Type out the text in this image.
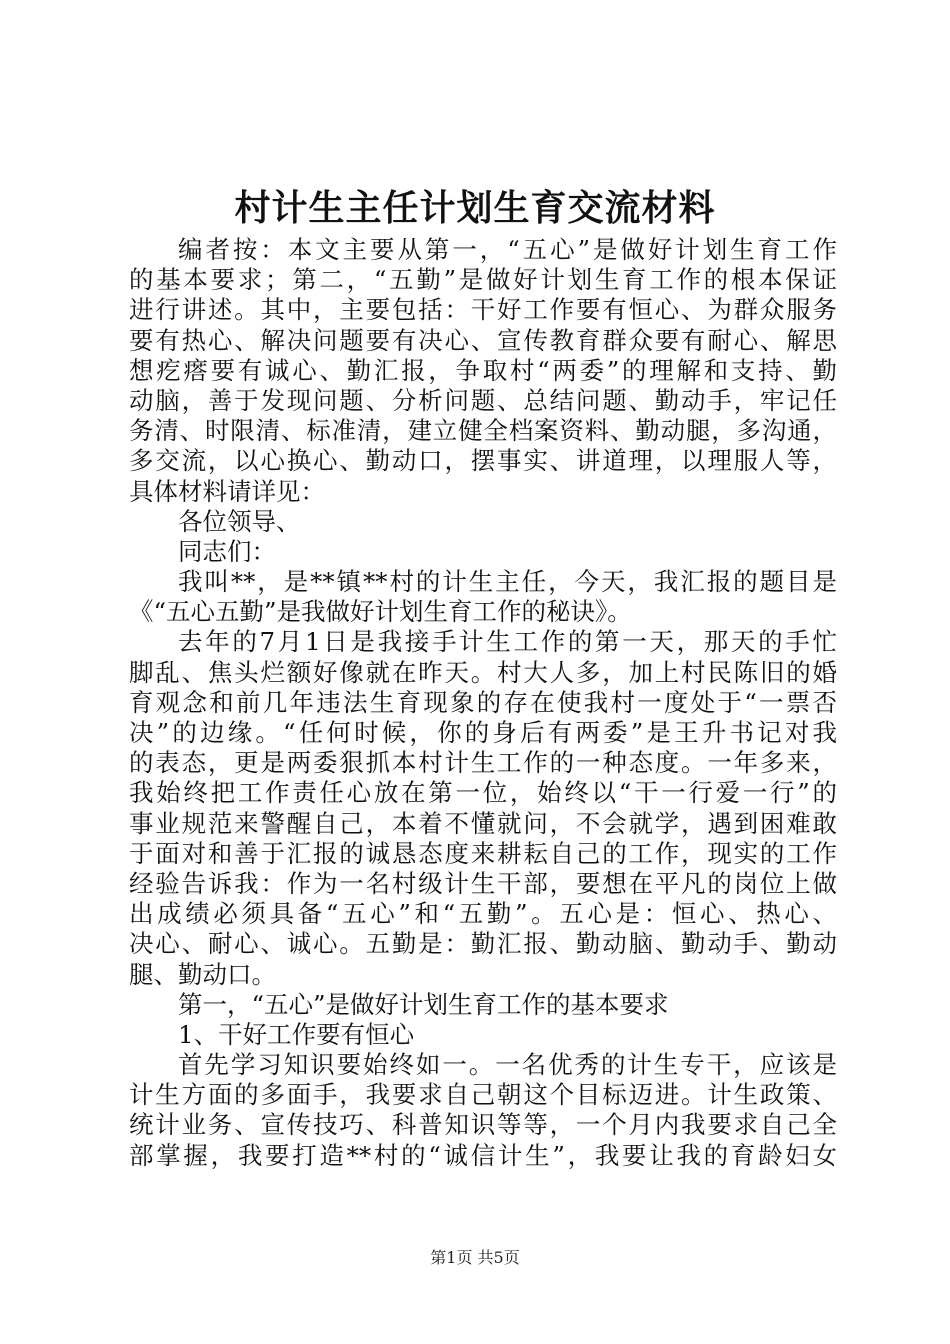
村计生主任计划生育交流材料
编者按：本文主要从第一，“五心”是做好计划生育工作
的基本要求；第二，“五勤”是做好计划生育工作的根本保证
进行讲述。其中，主要包括：干好工作要有恒心、为群众服务
要有热心、解决问题要有决心、宣传教育群众要有耐心、解思
想疙瘩要有诚心、勤汇报，争取村“两委”的理解和支持、勤
动脑，善于发现问题、分析问题、总结问题、勤动手，牢记任
务清、时限清、标准清，建立健全档案资料、勤动腿，多沟通，
多交流，以心换心、勤动口，摆事实、讲道理，以理服人等，
具体材料请详见：
各位领导、
同志们：
我叫**，是**镇**村的计生主任，今天，我汇报的题目是
《“五心五勤”是我做好计划生育工作的秘诀》。
去年的7月1日是我接手计生工作的第一天，那天的手忙
脚乱、焦头烂额好像就在昨天。村大人多，加上村民陈旧的婚
育观念和前几年违法生育现象的存在使我村一度处于“一票否
决”的边缘。“任何时候，你的身后有两委”是王升书记对我
的表态，更是两委狠抓本村计生工作的一种态度。一年多来，
我始终把工作责任心放在第一位，始终以“干一行爱一行”的
事业规范来警醒自己，本着不懂就问，不会就学，遇到困难敢
于面对和善于汇报的诚恳态度来耕耘自己的工作，现实的工作
经验告诉我：作为一名村级计生干部，要想在平凡的岗位上做
出成绩必须具备“五心”和“五勤”。五心是：恒心、热心、
决心、耐心、诚心。五勤是：勤汇报、勤动脑、勤动手、勤动
腿、勤动口。
第一，“五心”是做好计划生育工作的基本要求
1、干好工作要有恒心
首先学习知识要始终如一。一名优秀的计生专干，应该是
计生方面的多面手，我要求自己朝这个目标迈进。计生政策、
统计业务、宣传技巧、科普知识等等，一个月内我要求自己全
部掌握，我要打造**村的“诚信计生”，我要让我的育龄妇女
第1页 共5页
